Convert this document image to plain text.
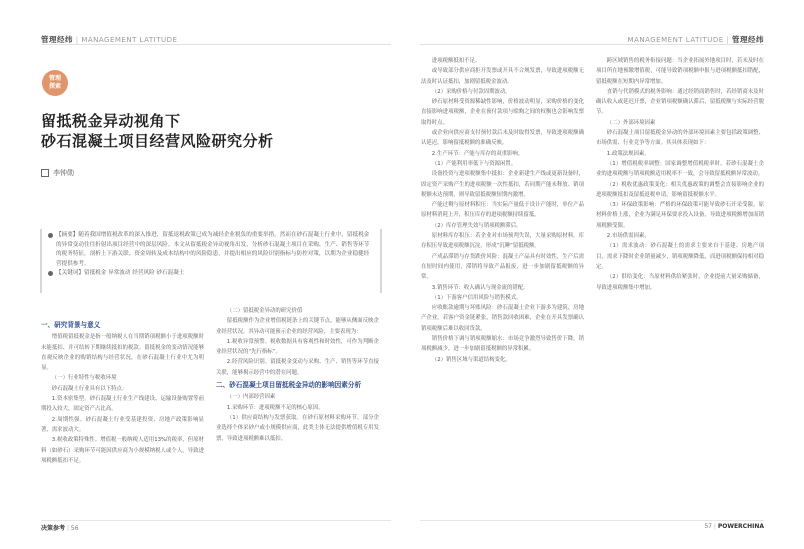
管理经纬 | MANAGEMENT LATITUDE	MANAGEMENT LATITUDE | 管理经纬
管理
探索
留抵税金异动视角下
砂石混凝土项目经营风险研究分析
李钟勋
【摘要】随着我国增值税改革的深入推进，留抵退税政策已成为减轻企业税负的重要举措。然而在砂石混凝土行业中，留抵税金的异常变动往往折射出项目经营中的深层风险。本文从留抵税金异动视角出发，分析砂石混凝土项目在采购、生产、销售等环节的税务特征，剖析上下游关联、资金周转及成本结构中的风险隐患，并提出相应的风险识别指标与防控对策，以期为企业稳健经营提供参考。
【关键词】留抵税金 异常波动 经营风险 砂石混凝土

一、研究背景与意义

增值税留抵税金是指一般纳税人在当期销项税额小于进项税额时未能抵扣、并可结转下期继续抵扣的税款。留抵税金的变动情况能够直观反映企业的购销结构与经营状况，在砂石混凝土行业中尤为明显。

（一）行业特性与税收环境

砂石混凝土行业具有以下特点：

1.资本密集型。砂石混凝土行业生产线建设、运输设备购置等前期投入较大，固定资产占比高。

2.周期性强。砂石混凝土行业受基建投资、房地产政策影响显著，需求波动大。

3.税收政策特殊性。增值税一般纳税人适用13%的税率，但原材料（如砂石）采购环节可能因供应商为小规模纳税人或个人，导致进项税额抵扣不足。

（二）留抵税金异动的研究价值

留抵税额作为企业增值税链条上的关键节点，能够从侧面反映企业经营状况。其异动可能预示企业的经营风险，主要表现为：

1.税收异常预警。税收数据具有客观性和时效性，可作为判断企业经营状况的“先行指标”。

2.经营风险识别。留抵税金变动与采购、生产、销售等环节直接关联，能够揭示经营中的潜在问题。

二、砂石混凝土项目留抵税金异动的影响因素分析

（一）内部经营因素

1.采购环节：进项税额不足的核心原因。

（1）供应商结构与发票获取。在砂石原材料采购环节，部分企业选择个体采砂户或小规模供应商，此类主体无法提供增值税专用发票，导致进项税额难以抵扣。

进项税额抵扣不足。

或导致部分供应商拒开发票或开具不合规发票，导致进项税额无法及时认证抵扣，加剧留抵税金波动。

（2）采购价格与付款周期波动。

砂石原材料受资源稀缺性影响，价格波动明显，采购价格的变化直接影响进项税额，企业在预付款项与赊购之间的权衡也会影响发票取得时点。

或企业向供应商支付预付款后未及时取得发票，导致进项税额确认延迟，影响留抵税额的准确反映。

2.生产环节：产能与库存的双重影响。

（1）产能利用率低下与资源闲置。

设备投资与进项税额集中抵扣：企业新建生产线或更新设备时，固定资产采购产生的进项税额一次性抵扣，若同期产能未释放、销项税额未达预期，则导致留抵税额短期内激增。

产能过剩与原材料积压：当实际产量低于设计产能时，单位产品原材料消耗上升，积压库存的进项税额持续留抵。

（2）库存管理失效与销项税额滞后。

原材料库存积压：若企业对市场预判失误，大量采购原材料，库存积压导致进项税额沉淀，形成“沉睡”留抵税额。

产成品滞销与存货跌价风险：混凝土产品具有时效性，生产后需在短时间内使用，滞销将导致产品报废，进一步加剧留抵税额的异常。

3.销售环节：收入确认与现金流的错配。

（1）下游客户信用风险与销售模式。

应收账款逾期与坏账风险：砂石混凝土企业下游多为建筑、房地产企业，若客户资金链紧张，销售款回收困难，企业在开具发票确认销项税额后难以收回货款。

销售价格下调与销项税额缩水：市场竞争激烈导致售价下降，销项税额减少，进一步加剧留抵税额的异常积累。

（2）销售区域与渠道结构变化。

跨区域销售的税务衔接问题：当企业拓展外地项目时，若未及时在项目所在地预缴增值税，可能导致销项税额申报与进项税额抵扣错配，留抵税额在短期内异常增加。

直销与代销模式的税务影响：通过经销商销售时，若经销商未及时确认收入或延迟开票，企业销项税额确认滞后，留抵税额与实际经营脱节。

（二）外部环境因素

砂石混凝土项目留抵税金异动的外部环境因素主要包括政策调整、市场供需、行业竞争等方面。其具体表现如下：

1.政策法规因素。

（1）增值税税率调整：国家调整增值税税率时，若砂石混凝土企业的进项税额与销项税额适用税率不一致，会导致留抵税额异常波动。

（2）税收优惠政策变化：相关优惠政策的调整会直接影响企业的进项税额抵扣及留抵退税申请，影响留抵税额水平。

（3）环保政策影响：严格的环保政策可能导致砂石开采受限，原材料价格上涨，企业为满足环保要求投入设备，导致进项税额增加而销项税额受限。

2.市场供需因素。

（1）需求波动：砂石混凝土的需求主要来自于基建、房地产项目，需求下降时企业销量减少，销项税额降低，而进项税额保持相对稳定。

（2）供给变化：当原材料供给紧张时，企业提前大量采购储备，导致进项税额集中增加。

决策参考 | 56	57 | POWERCHINA
